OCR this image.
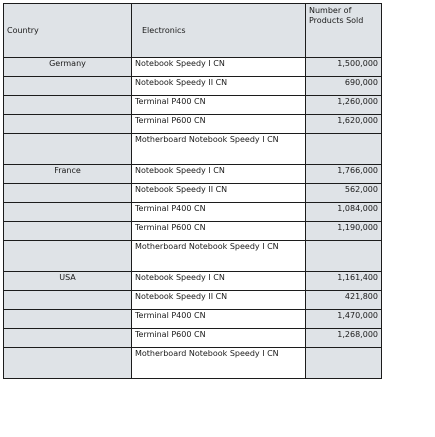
Country	Electronics	Number of Products Sold
Germany	Notebook Speedy I CN	1,500,000
	Notebook Speedy II CN	690,000
	Terminal P400 CN	1,260,000
	Terminal P600 CN	1,620,000
	Motherboard Notebook Speedy I CN	
France	Notebook Speedy I CN	1,766,000
	Notebook Speedy II CN	562,000
	Terminal P400 CN	1,084,000
	Terminal P600 CN	1,190,000
	Motherboard Notebook Speedy I CN	
USA	Notebook Speedy I CN	1,161,400
	Notebook Speedy II CN	421,800
	Terminal P400 CN	1,470,000
	Terminal P600 CN	1,268,000
	Motherboard Notebook Speedy I CN	
